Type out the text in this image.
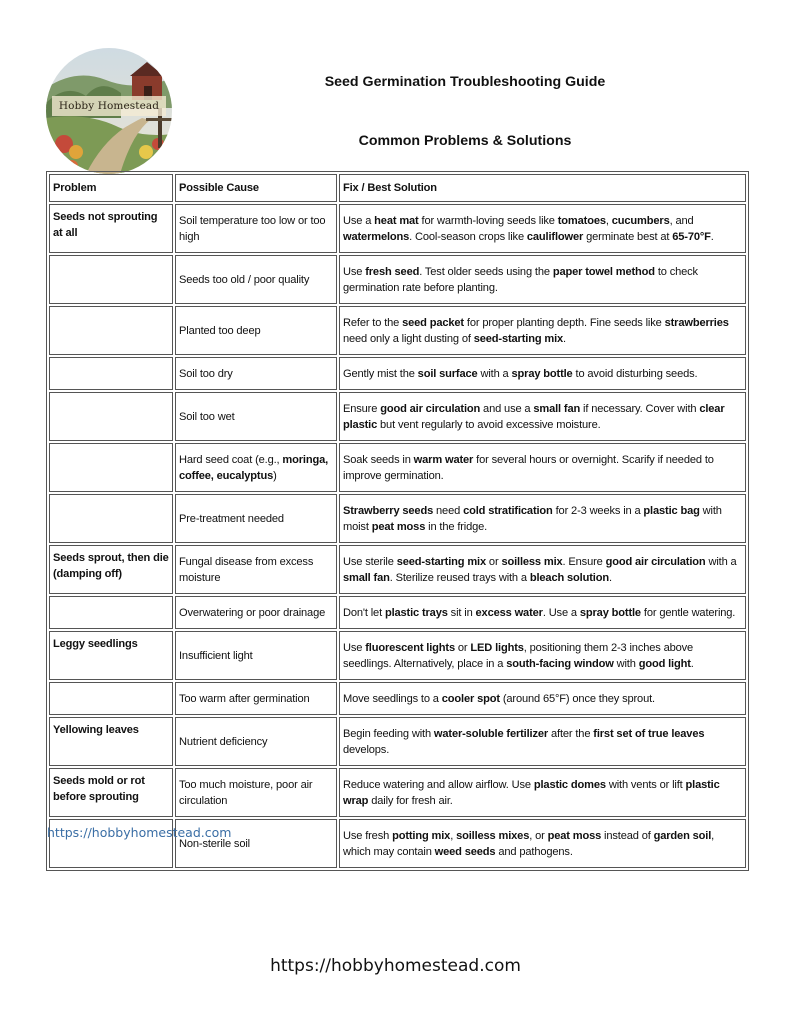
Hobby Homestead
Seed Germination Troubleshooting Guide
Common Problems & Solutions
Problem	Possible Cause	Fix / Best Solution
Seeds not sprouting at all	Soil temperature too low or too high	Use a heat mat for warmth-loving seeds like tomatoes, cucumbers, and watermelons. Cool-season crops like cauliflower germinate best at 65-70°F.
	Seeds too old / poor quality	Use fresh seed. Test older seeds using the paper towel method to check germination rate before planting.
	Planted too deep	Refer to the seed packet for proper planting depth. Fine seeds like strawberries need only a light dusting of seed-starting mix.
	Soil too dry	Gently mist the soil surface with a spray bottle to avoid disturbing seeds.
	Soil too wet	Ensure good air circulation and use a small fan if necessary. Cover with clear plastic but vent regularly to avoid excessive moisture.
	Hard seed coat (e.g., moringa, coffee, eucalyptus)	Soak seeds in warm water for several hours or overnight. Scarify if needed to improve germination.
	Pre-treatment needed	Strawberry seeds need cold stratification for 2-3 weeks in a plastic bag with moist peat moss in the fridge.
Seeds sprout, then die (damping off)	Fungal disease from excess moisture	Use sterile seed-starting mix or soilless mix. Ensure good air circulation with a small fan. Sterilize reused trays with a bleach solution.
	Overwatering or poor drainage	Don't let plastic trays sit in excess water. Use a spray bottle for gentle watering.
Leggy seedlings	Insufficient light	Use fluorescent lights or LED lights, positioning them 2-3 inches above seedlings. Alternatively, place in a south-facing window with good light.
	Too warm after germination	Move seedlings to a cooler spot (around 65°F) once they sprout.
Yellowing leaves	Nutrient deficiency	Begin feeding with water-soluble fertilizer after the first set of true leaves develops.
Seeds mold or rot before sprouting	Too much moisture, poor air circulation	Reduce watering and allow airflow. Use plastic domes with vents or lift plastic wrap daily for fresh air.
	Non-sterile soil	Use fresh potting mix, soilless mixes, or peat moss instead of garden soil, which may contain weed seeds and pathogens.
https://hobbyhomestead.com
https://hobbyhomestead.com
